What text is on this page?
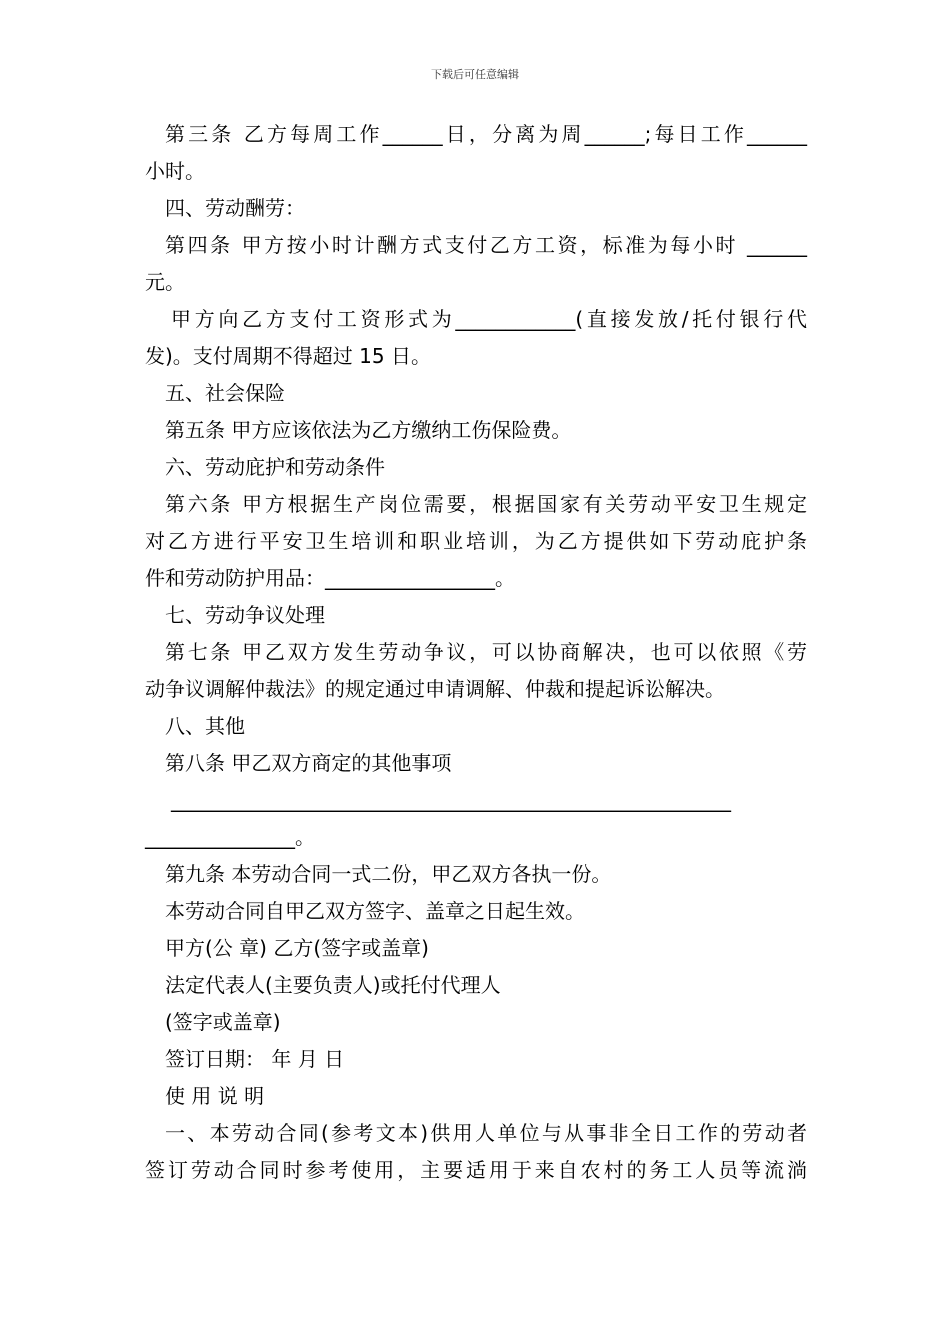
下载后可任意编辑
第三条 乙方每周工作______日，分离为周______;每日工作______
小时。
四、劳动酬劳：
第四条 甲方按小时计酬方式支付乙方工资，标准为每小时 ______
元。
甲方向乙方支付工资形式为____________(直接发放/托付银行代
发)。支付周期不得超过 15 日。
五、社会保险
第五条 甲方应该依法为乙方缴纳工伤保险费。
六、劳动庇护和劳动条件
第六条 甲方根据生产岗位需要，根据国家有关劳动平安卫生规定
对乙方进行平安卫生培训和职业培训，为乙方提供如下劳动庇护条
件和劳动防护用品：_________________。
七、劳动争议处理
第七条 甲乙双方发生劳动争议，可以协商解决，也可以依照《劳
动争议调解仲裁法》的规定通过申请调解、仲裁和提起诉讼解决。
八、其他
第八条 甲乙双方商定的其他事项
________________________________________________________
_______________。
第九条 本劳动合同一式二份，甲乙双方各执一份。
本劳动合同自甲乙双方签字、盖章之日起生效。
甲方(公 章) 乙方(签字或盖章)
法定代表人(主要负责人)或托付代理人
(签字或盖章)
签订日期： 年 月 日
使 用 说 明
一、本劳动合同(参考文本)供用人单位与从事非全日工作的劳动者
签订劳动合同时参考使用，主要适用于来自农村的务工人员等流淌
